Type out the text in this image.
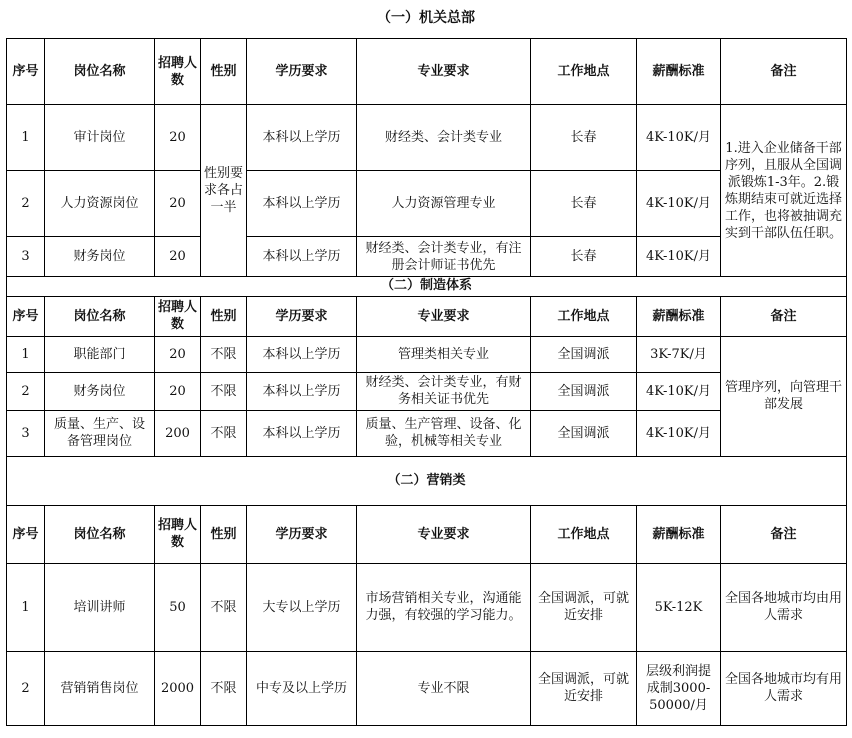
（一）机关总部
序号	岗位名称	招聘人数	性别	学历要求	专业要求	工作地点	薪酬标准	备注
1	审计岗位	20	性别要求各占一半	本科以上学历	财经类、会计类专业	长春	4K-10K/月	1.进入企业储备干部序列，且服从全国调派锻炼1-3年。2.锻炼期结束可就近选择工作，也将被抽调充实到干部队伍任职。
2	人力资源岗位	20		本科以上学历	人力资源管理专业	长春	4K-10K/月	
3	财务岗位	20		本科以上学历	财经类、会计类专业，有注册会计师证书优先	长春	4K-10K/月	
（二）制造体系								
序号	岗位名称	招聘人数	性别	学历要求	专业要求	工作地点	薪酬标准	备注
1	职能部门	20	不限	本科以上学历	管理类相关专业	全国调派	3K-7K/月	管理序列，向管理干部发展
2	财务岗位	20	不限	本科以上学历	财经类、会计类专业，有财务相关证书优先	全国调派	4K-10K/月	
3	质量、生产、设备管理岗位	200	不限	本科以上学历	质量、生产管理、设备、化验，机械等相关专业	全国调派	4K-10K/月	
（二）营销类								
序号	岗位名称	招聘人数	性别	学历要求	专业要求	工作地点	薪酬标准	备注
1	培训讲师	50	不限	大专以上学历	市场营销相关专业，沟通能力强，有较强的学习能力。	全国调派，可就近安排	5K-12K	全国各地城市均由用人需求
2	营销销售岗位	2000	不限	中专及以上学历	专业不限	全国调派，可就近安排	层级利润提成制3000-50000/月	全国各地城市均有用人需求
